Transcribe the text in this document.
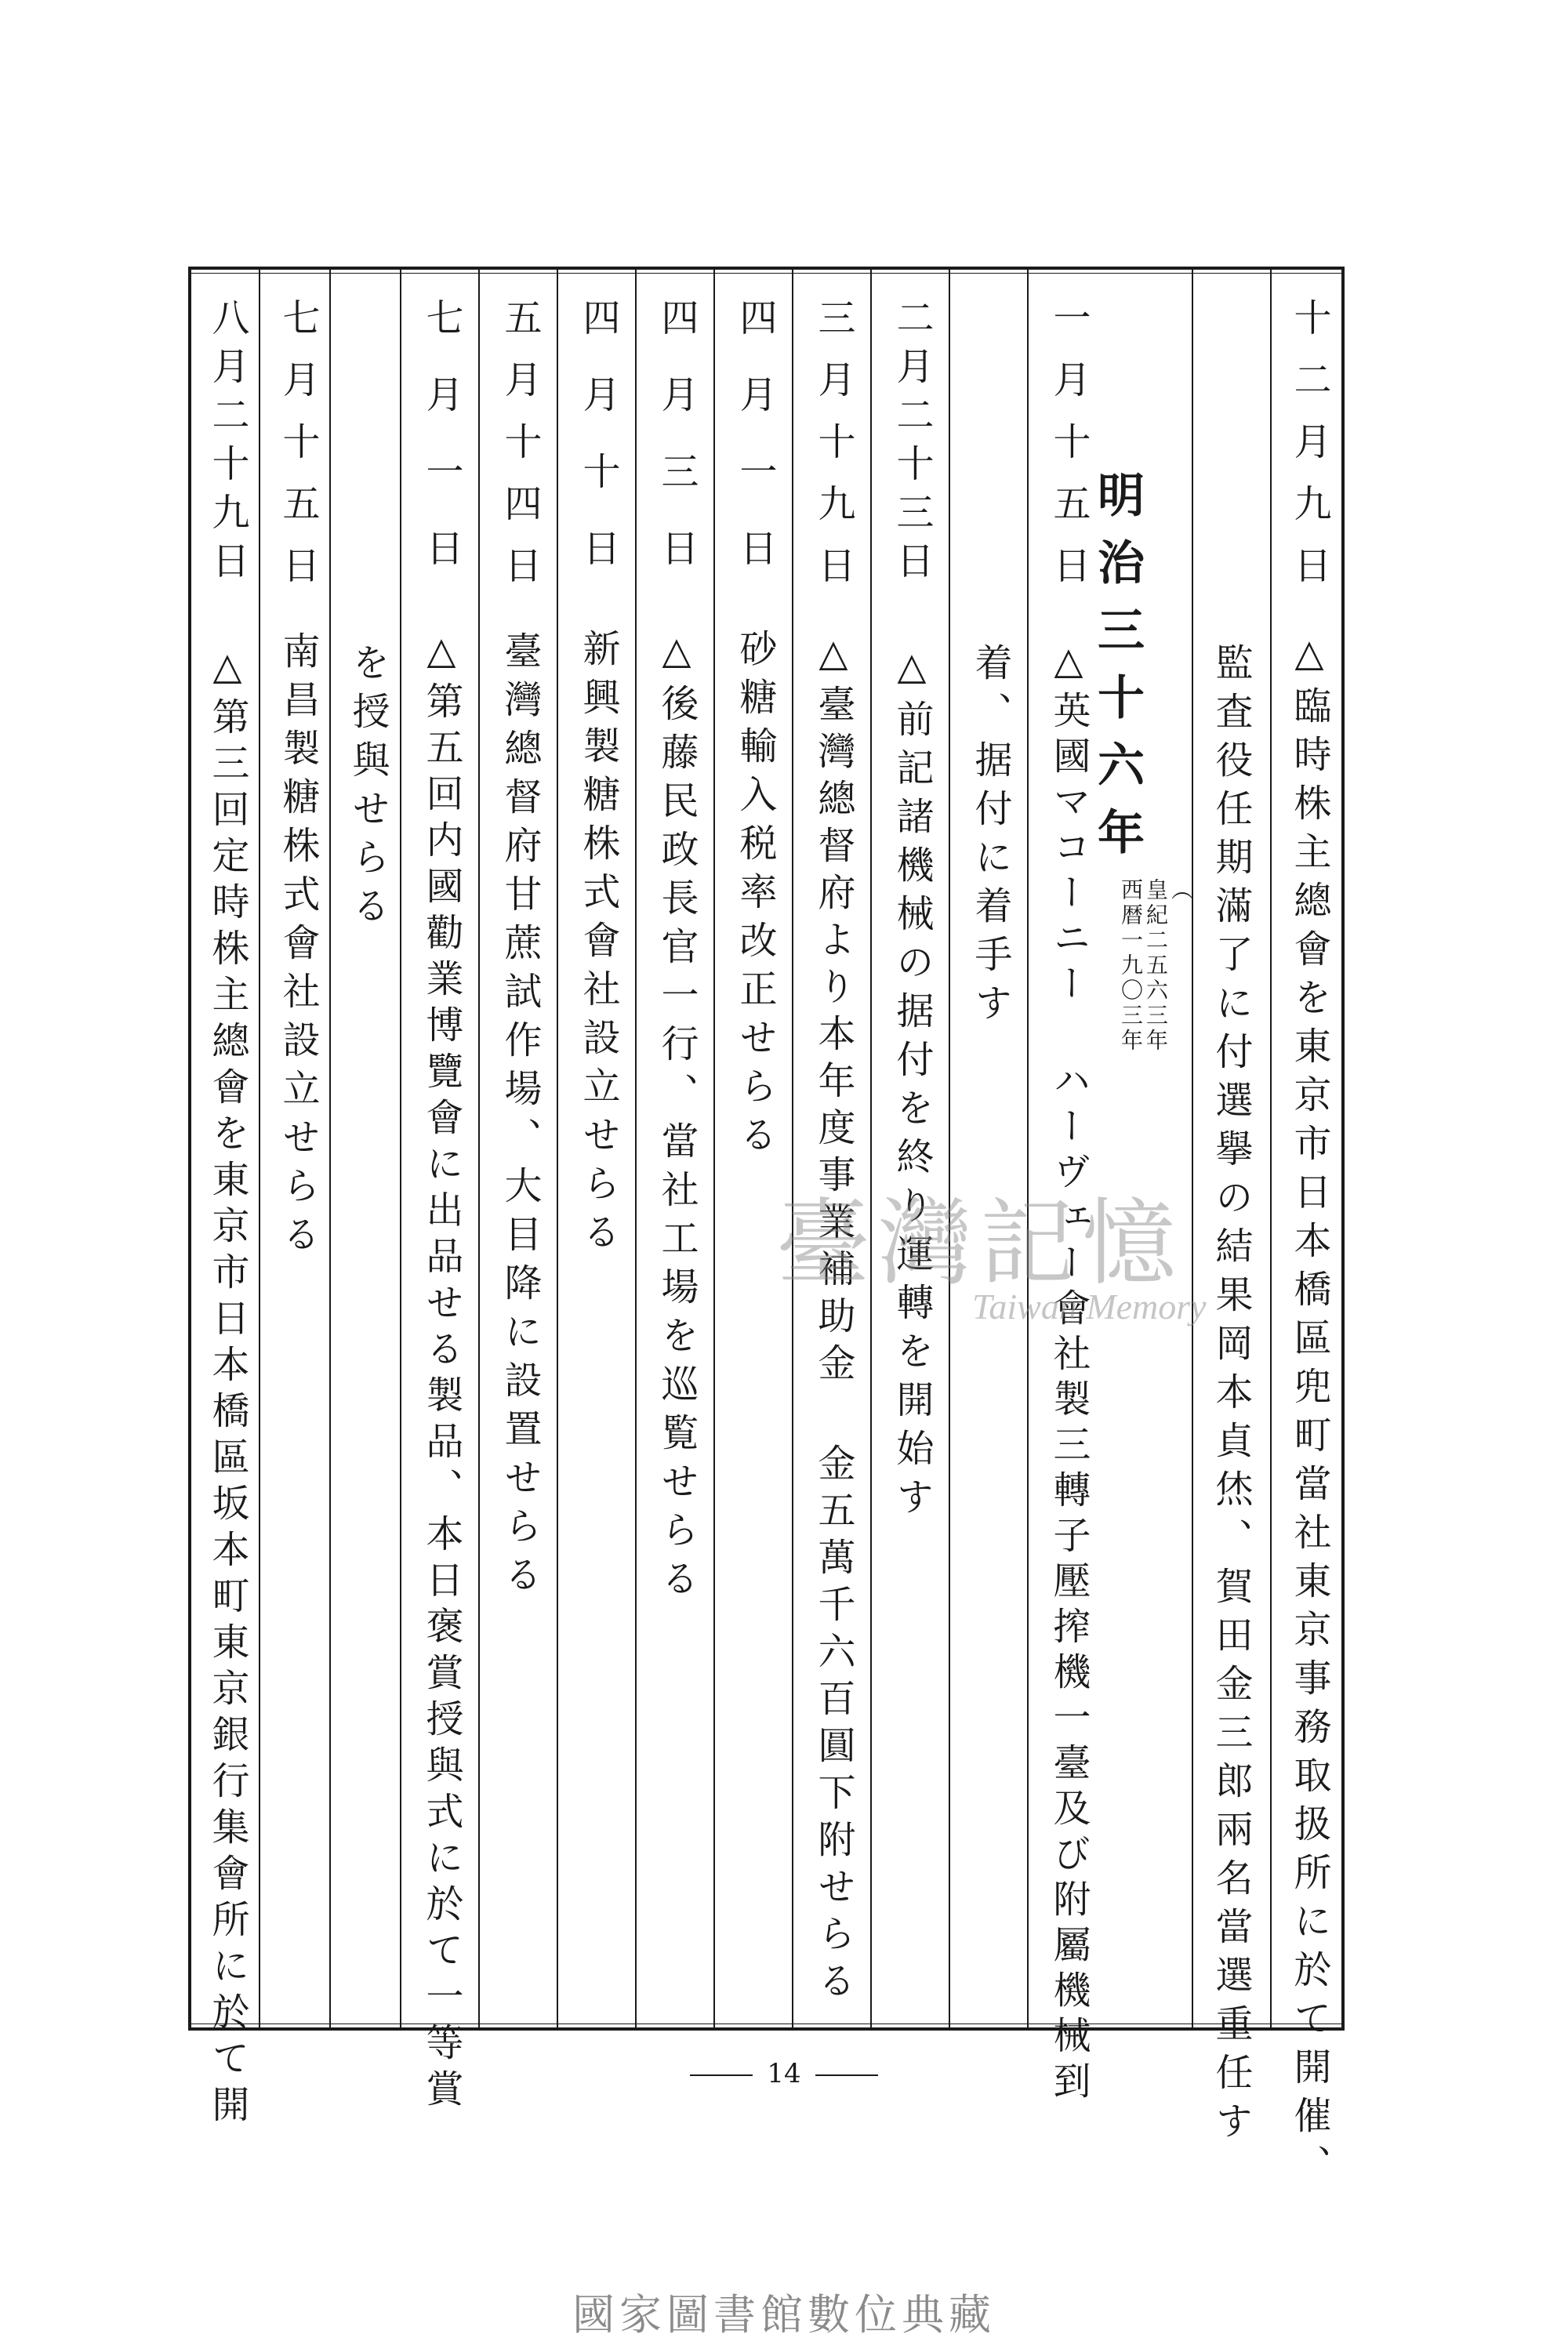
十二月九日
△臨時株主總會を東京市日本橋區兜町當社東京事務取扱所に於て開催、
監査役任期滿了に付選擧の結果岡本貞烋、賀田金三郎兩名當選重任す
明治三十六年
（
皇紀二五六三年
西暦一九〇三年
一月十五日
△英國マコーニー ハーヴェー會社製三轉子壓搾機一臺及び附屬機械到
着、据付に着手す
二月二十三日
△前記諸機械の据付を終り運轉を開始す
三月十九日
△臺灣總督府より本年度事業補助金 金五萬千六百圓下附せらる
四月一日
砂糖輸入税率改正せらる
四月三日
△後藤民政長官一行、當社工場を巡覧せらる
四月十日
新興製糖株式會社設立せらる
五月十四日
臺灣總督府甘蔗試作場、大目降に設置せらる
七月一日
△第五回内國勸業博覽會に出品せる製品、本日褒賞授與式に於て一等賞
を授與せらる
七月十五日
南昌製糖株式會社設立せらる
八月二十九日
△第三回定時株主總會を東京市日本橋區坂本町東京銀行集會所に於て開	臺灣記憶
Taiwan Memory
14
國家圖書館數位典藏
